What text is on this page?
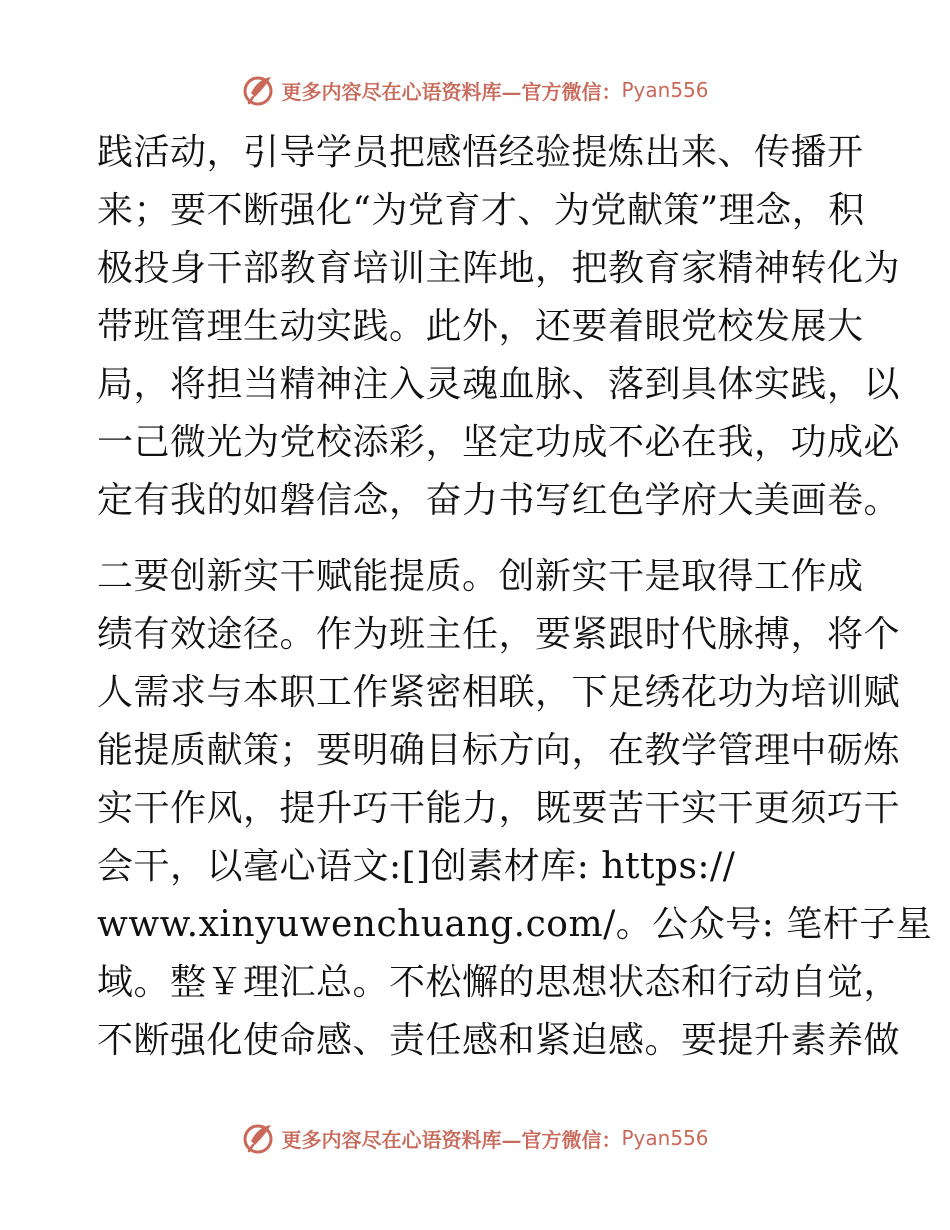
更多内容尽在心语资料库—官方微信： Pyan556
践活动，引导学员把感悟经验提炼出来、传播开
来；要不断强化“为党育才、为党献策”理念，积
极投身干部教育培训主阵地，把教育家精神转化为
带班管理生动实践。此外，还要着眼党校发展大
局，将担当精神注入灵魂血脉、落到具体实践，以
一己微光为党校添彩，坚定功成不必在我，功成必
定有我的如磐信念，奋力书写红色学府大美画卷。
二要创新实干赋能提质。创新实干是取得工作成
绩有效途径。作为班主任，要紧跟时代脉搏，将个
人需求与本职工作紧密相联，下足绣花功为培训赋
能提质献策；要明确目标方向，在教学管理中砺炼
实干作风，提升巧干能力，既要苦干实干更须巧干
会干，以毫心语文:[]创素材库: https://
www.xinyuwenchuang.com/。公众号: 笔杆子星
域。整￥理汇总。不松懈的思想状态和行动自觉，
不断强化使命感、责任感和紧迫感。要提升素养做
更多内容尽在心语资料库—官方微信： Pyan556
